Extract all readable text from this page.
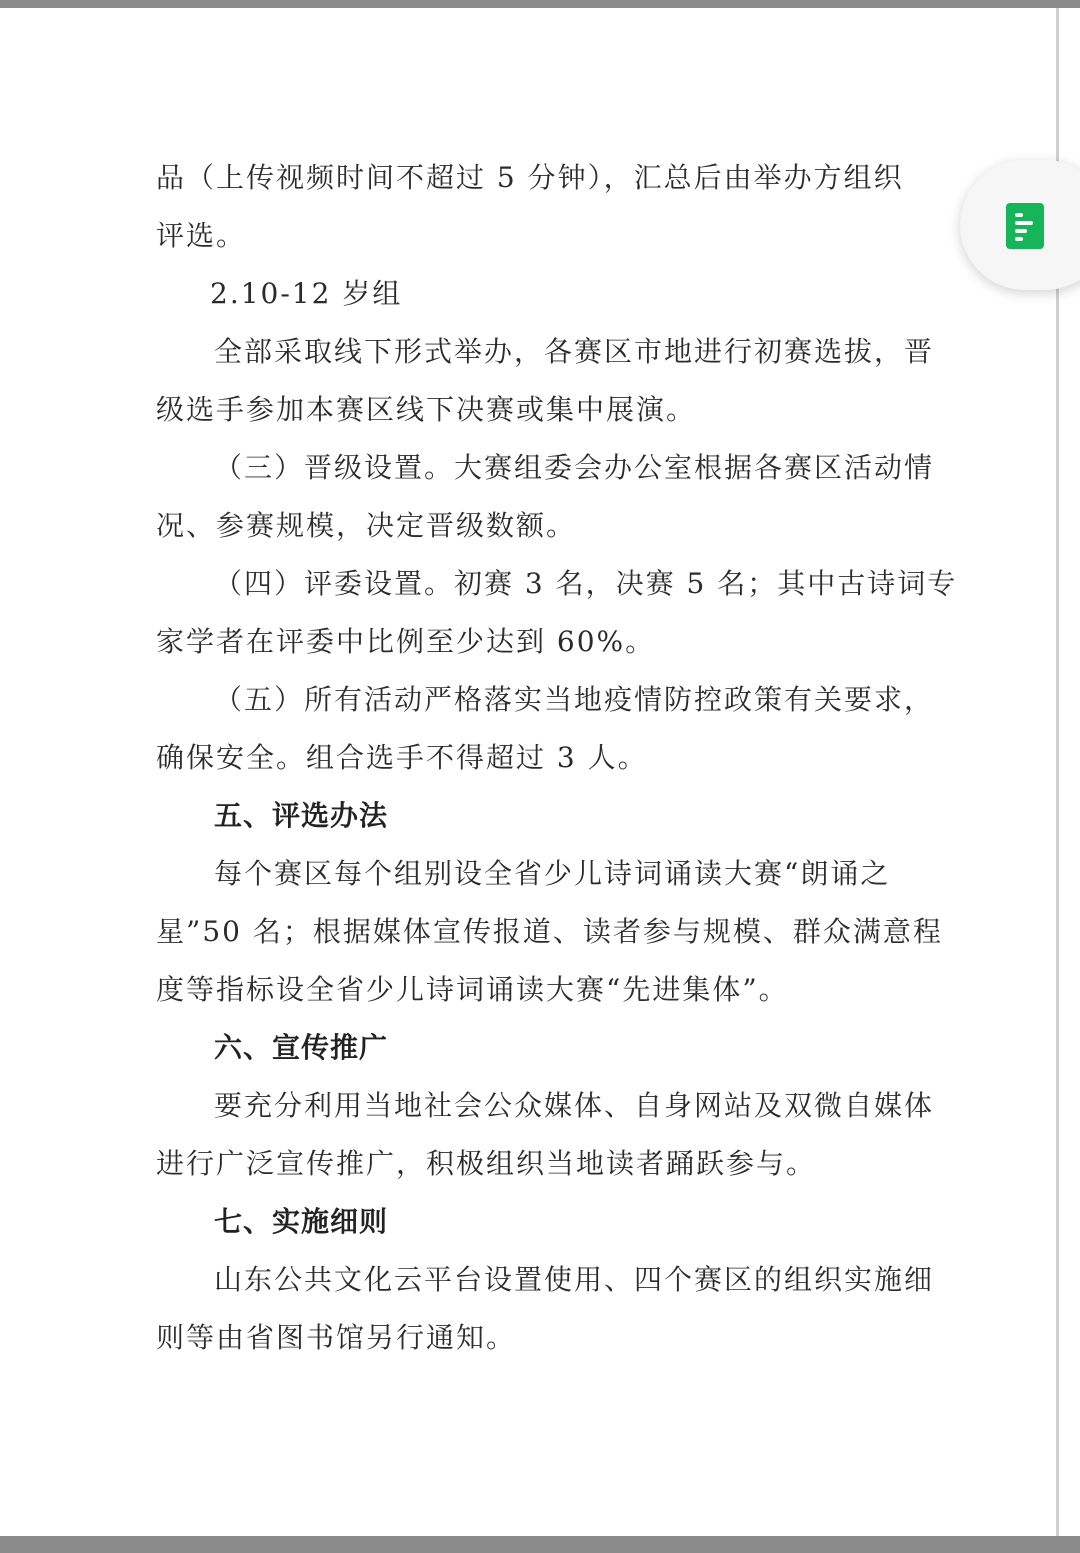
品（上传视频时间不超过 5 分钟），汇总后由举办方组织
评选。
2.10-12 岁组
全部采取线下形式举办，各赛区市地进行初赛选拔，晋
级选手参加本赛区线下决赛或集中展演。
（三）晋级设置。大赛组委会办公室根据各赛区活动情
况、参赛规模，决定晋级数额。
（四）评委设置。初赛 3 名，决赛 5 名；其中古诗词专
家学者在评委中比例至少达到 60%。
（五）所有活动严格落实当地疫情防控政策有关要求，
确保安全。组合选手不得超过 3 人。
五、评选办法
每个赛区每个组别设全省少儿诗词诵读大赛“朗诵之
星”50 名；根据媒体宣传报道、读者参与规模、群众满意程
度等指标设全省少儿诗词诵读大赛“先进集体”。
六、宣传推广
要充分利用当地社会公众媒体、自身网站及双微自媒体
进行广泛宣传推广，积极组织当地读者踊跃参与。
七、实施细则
山东公共文化云平台设置使用、四个赛区的组织实施细
则等由省图书馆另行通知。
